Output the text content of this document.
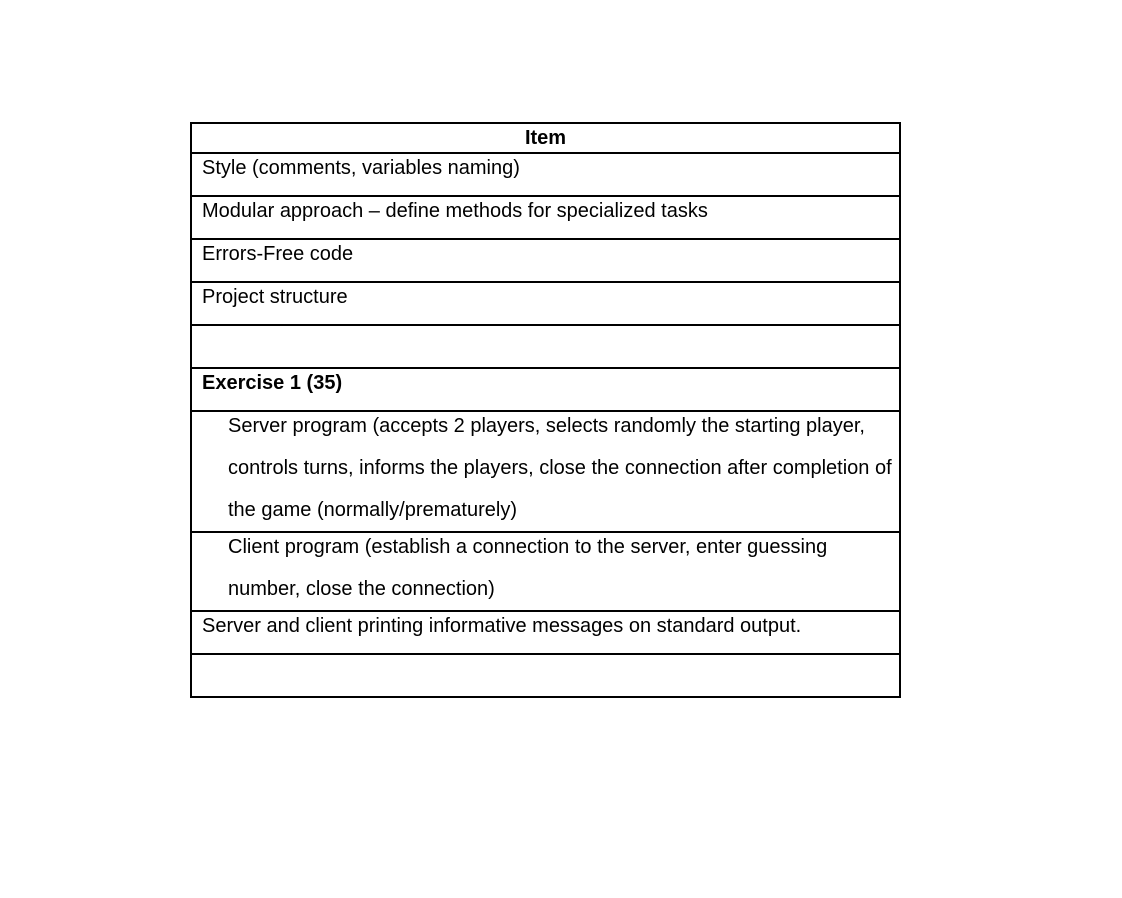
Item

Style (comments, variables naming)

Modular approach – define methods for specialized tasks

Errors-Free code

Project structure

Exercise 1 (35)

Server program (accepts 2 players, selects randomly the starting player, controls turns, informs the players, close the connection after completion of the game (normally/prematurely)

Client program (establish a connection to the server, enter guessing number, close the connection)

Server and client printing informative messages on standard output.
